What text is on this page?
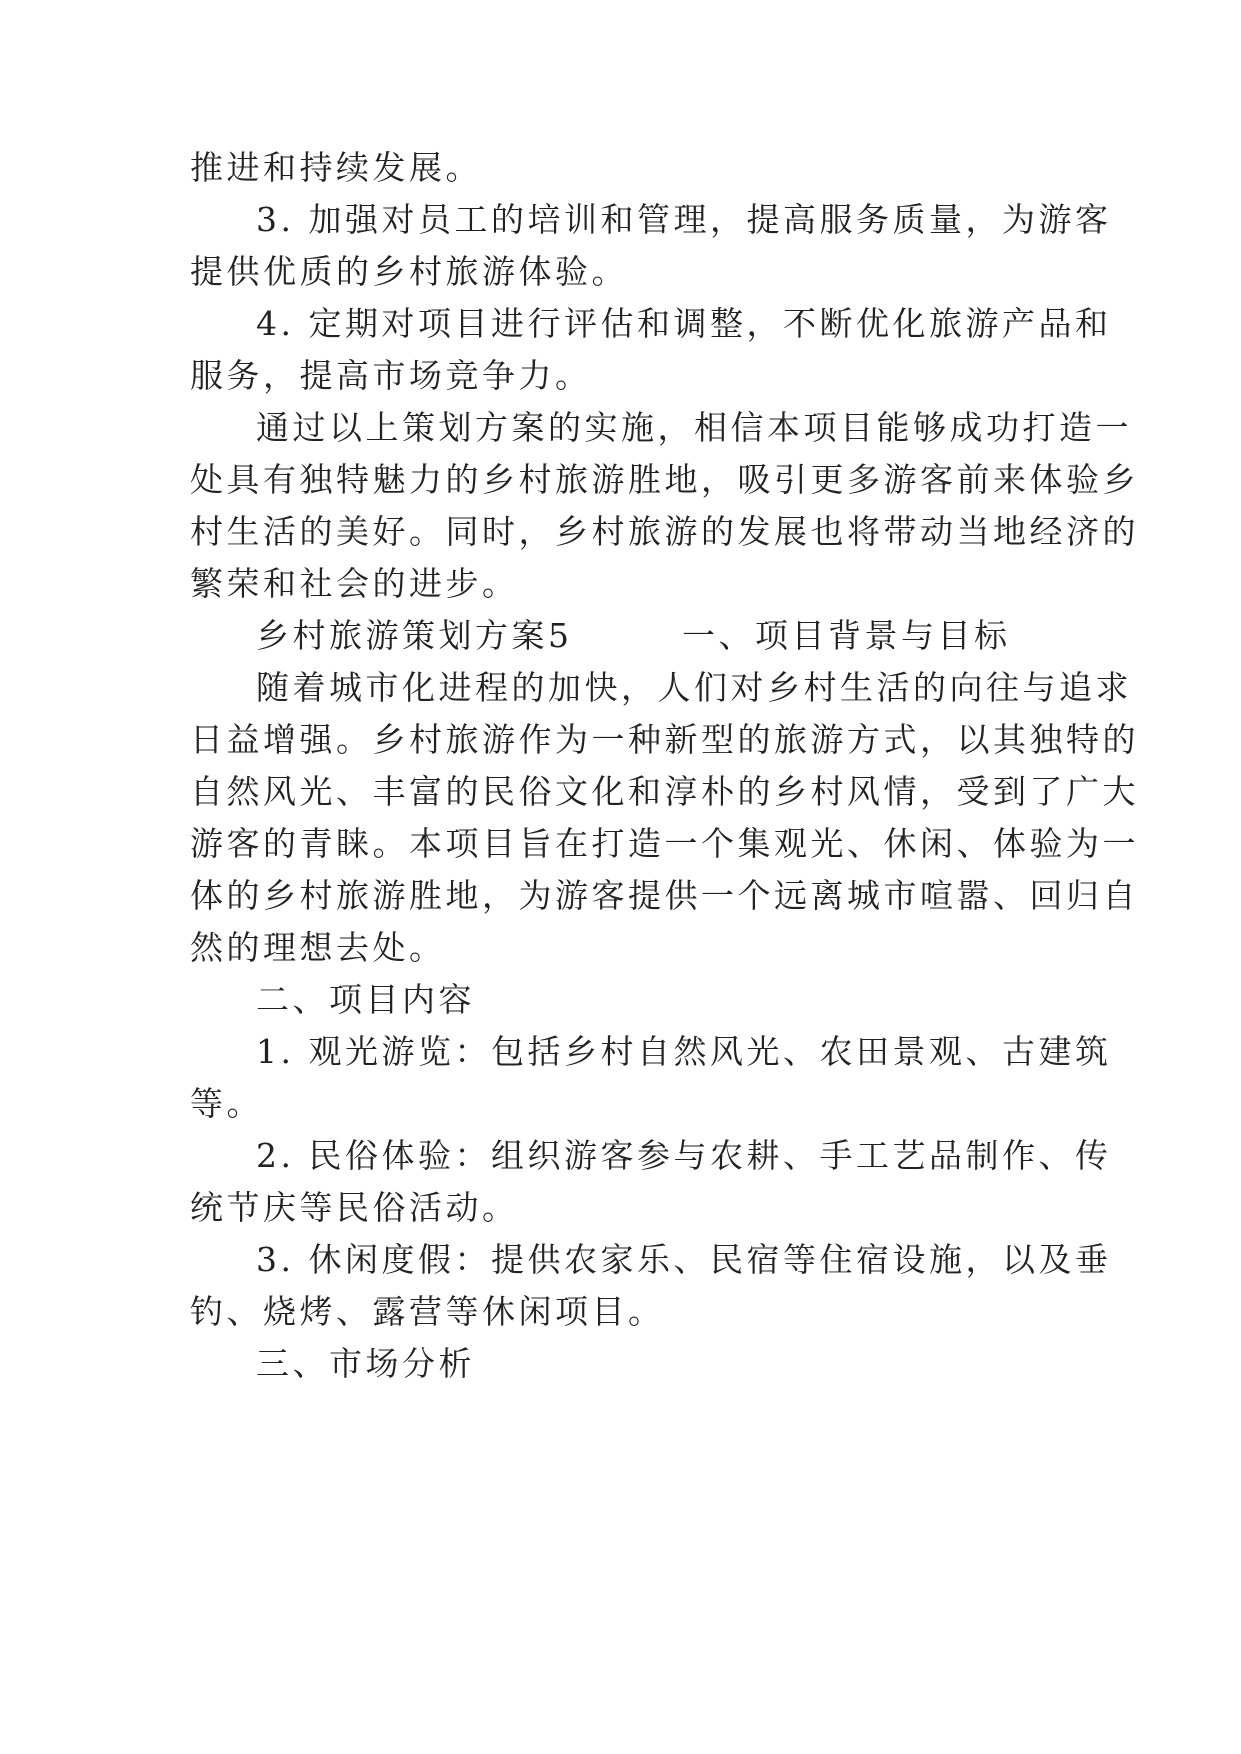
推进和持续发展。
3. 加强对员工的培训和管理，提高服务质量，为游客
提供优质的乡村旅游体验。
4. 定期对项目进行评估和调整，不断优化旅游产品和
服务，提高市场竞争力。
通过以上策划方案的实施，相信本项目能够成功打造一
处具有独特魅力的乡村旅游胜地，吸引更多游客前来体验乡
村生活的美好。同时，乡村旅游的发展也将带动当地经济的
繁荣和社会的进步。
乡村旅游策划方案5　　　一、项目背景与目标
随着城市化进程的加快，人们对乡村生活的向往与追求
日益增强。乡村旅游作为一种新型的旅游方式，以其独特的
自然风光、丰富的民俗文化和淳朴的乡村风情，受到了广大
游客的青睐。本项目旨在打造一个集观光、休闲、体验为一
体的乡村旅游胜地，为游客提供一个远离城市喧嚣、回归自
然的理想去处。
二、项目内容
1. 观光游览：包括乡村自然风光、农田景观、古建筑
等。
2. 民俗体验：组织游客参与农耕、手工艺品制作、传
统节庆等民俗活动。
3. 休闲度假：提供农家乐、民宿等住宿设施，以及垂
钓、烧烤、露营等休闲项目。
三、市场分析
